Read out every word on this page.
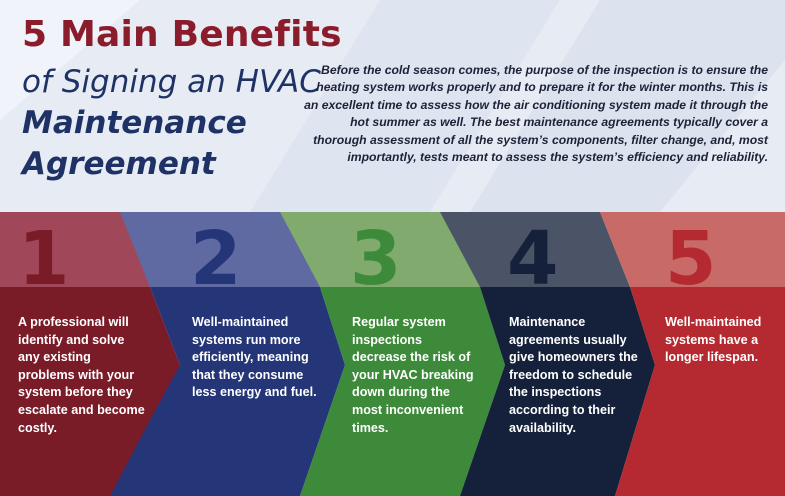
5 Main Benefits
of Signing an HVAC
Maintenance
Agreement
Before the cold season comes, the purpose of the inspection is to ensure the heating system works properly and to prepare it for the winter months. This is an excellent time to assess how the air conditioning system made it through the hot summer as well. The best maintenance agreements typically cover a thorough assessment of all the system’s components, filter change, and, most importantly, tests meant to assess the system’s efficiency and reliability.
1 2 3 4 5
A professional will identify and solve any existing problems with your system before they escalate and become costly.
Well-maintained systems run more efficiently, meaning that they consume less energy and fuel.
Regular system inspections decrease the risk of your HVAC breaking down during the most inconvenient times.
Maintenance agreements usually give homeowners the freedom to schedule the inspections according to their availability.
Well-maintained systems have a longer lifespan.
